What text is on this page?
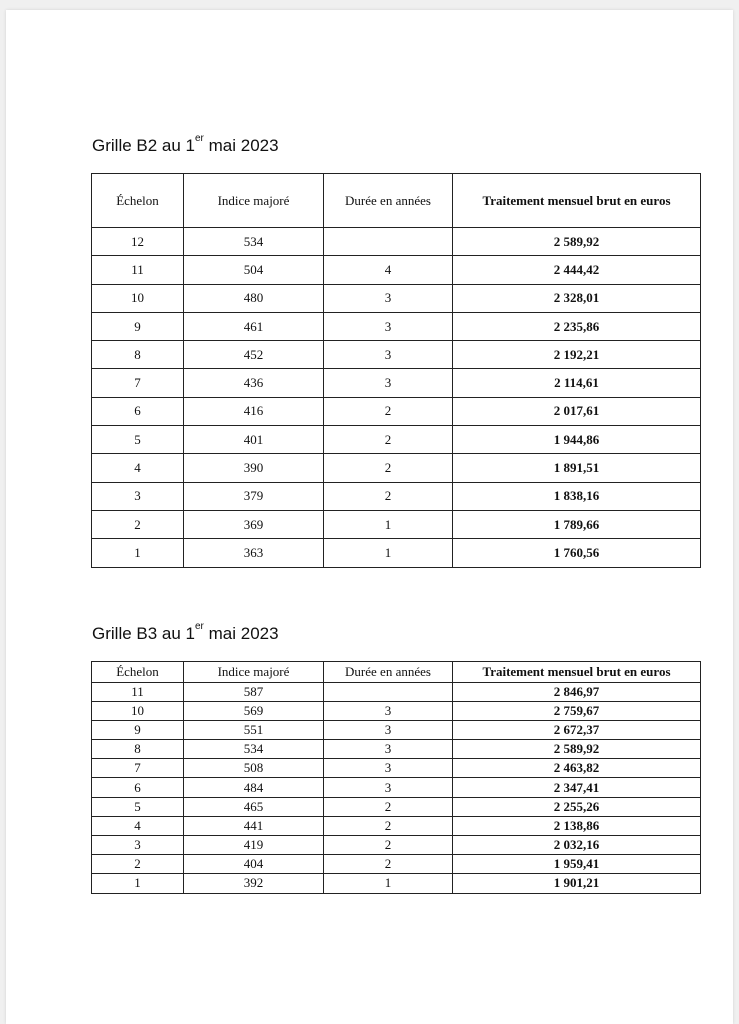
Grille B2 au 1er mai 2023
Échelon	Indice majoré	Durée en années	Traitement mensuel brut en euros
12	534		2 589,92
11	504	4	2 444,42
10	480	3	2 328,01
9	461	3	2 235,86
8	452	3	2 192,21
7	436	3	2 114,61
6	416	2	2 017,61
5	401	2	1 944,86
4	390	2	1 891,51
3	379	2	1 838,16
2	369	1	1 789,66
1	363	1	1 760,56
Grille B3 au 1er mai 2023
Échelon	Indice majoré	Durée en années	Traitement mensuel brut en euros
11	587		2 846,97
10	569	3	2 759,67
9	551	3	2 672,37
8	534	3	2 589,92
7	508	3	2 463,82
6	484	3	2 347,41
5	465	2	2 255,26
4	441	2	2 138,86
3	419	2	2 032,16
2	404	2	1 959,41
1	392	1	1 901,21
